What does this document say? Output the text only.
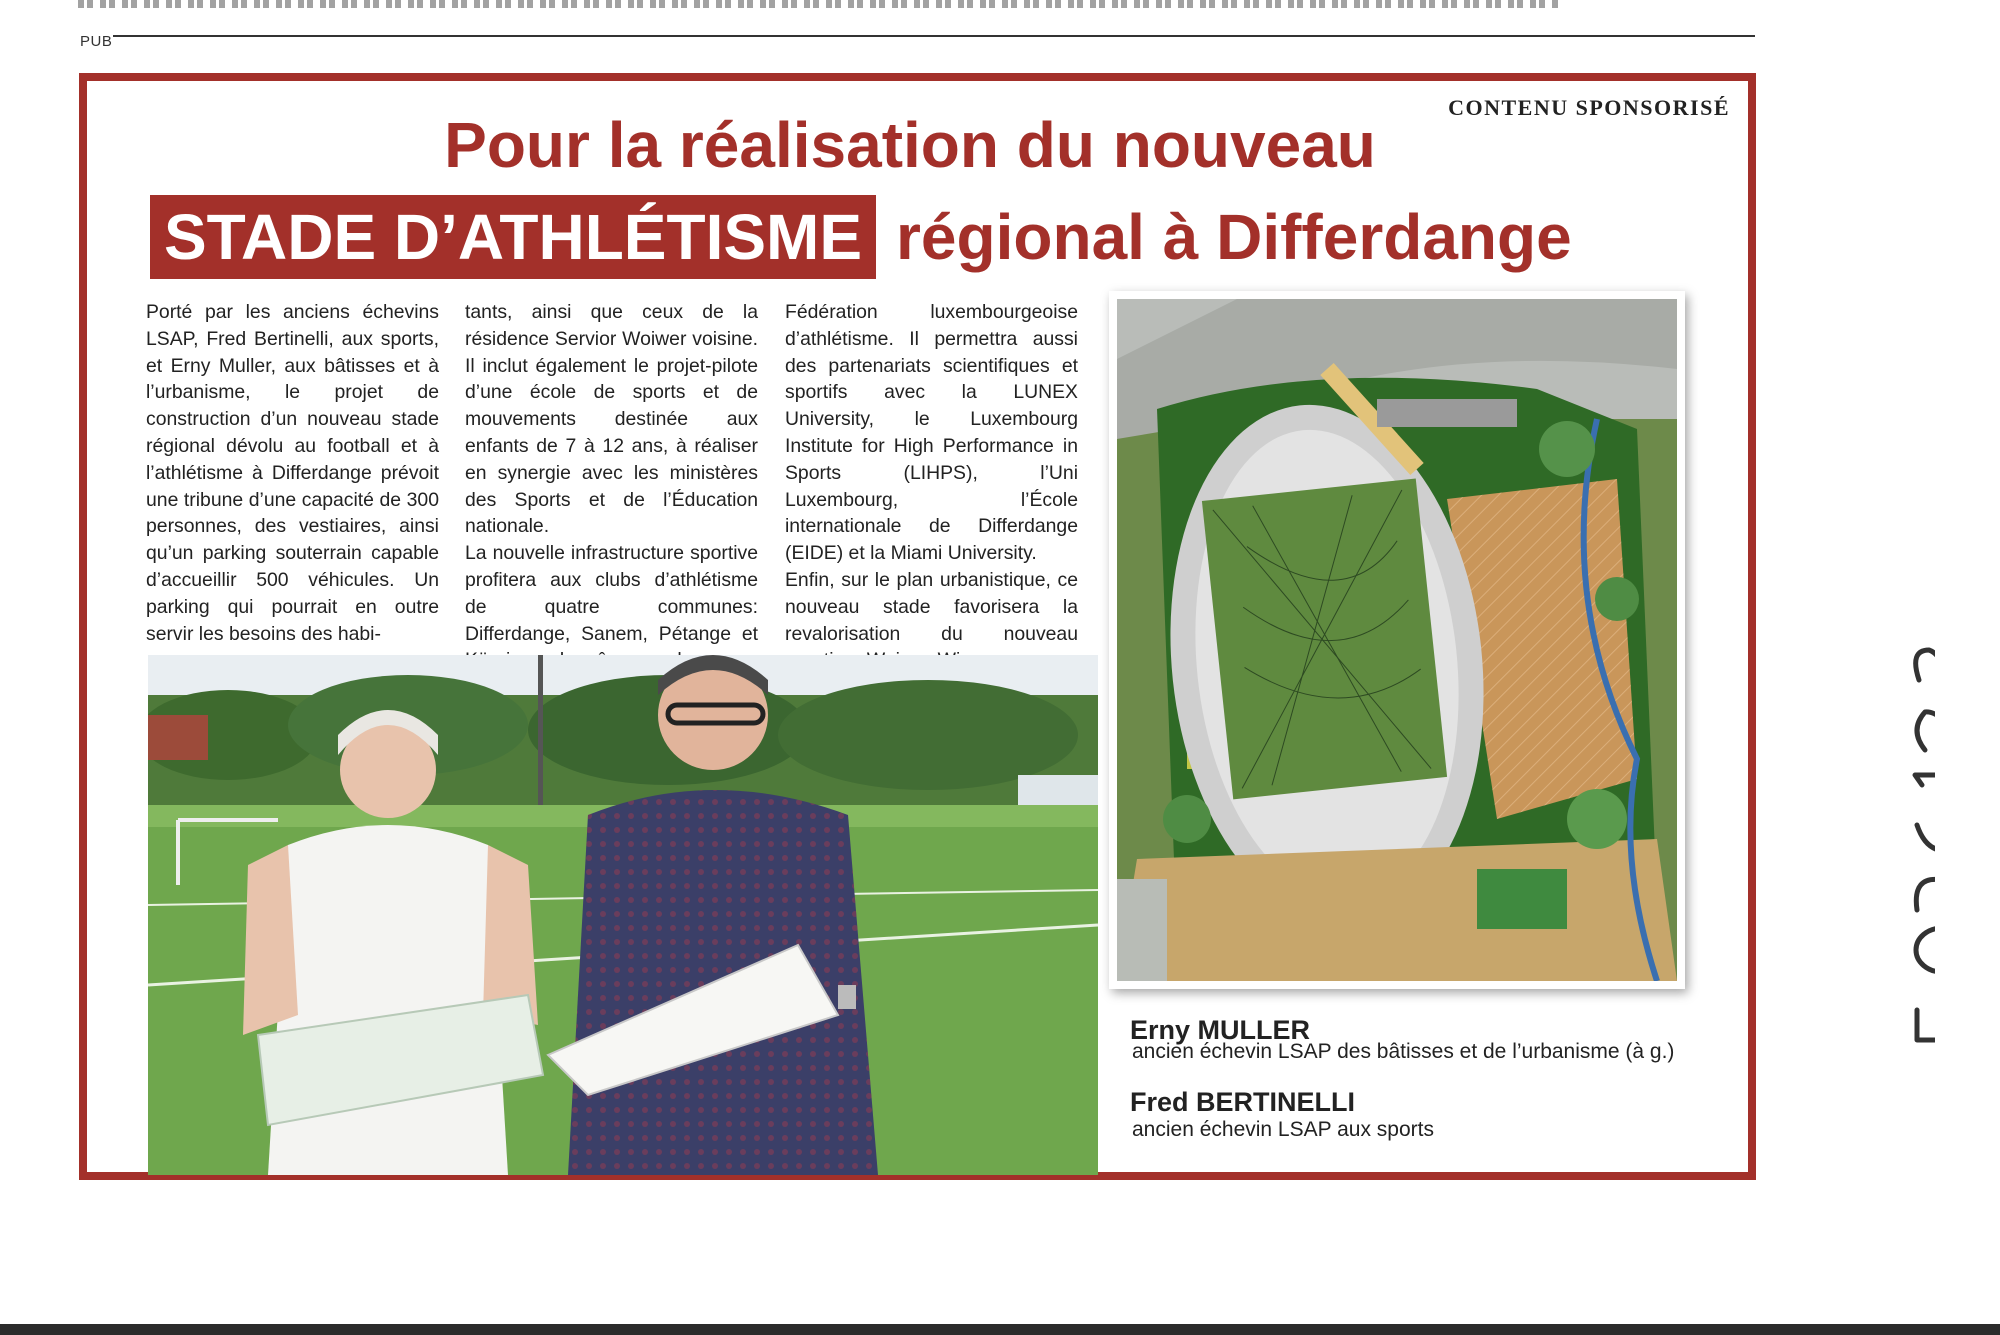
PUB
CONTENU SPONSORISÉ
Pour la réalisation du nouveau
STADE D’ATHLÉTISME régional à Differdange

Porté par les anciens échevins LSAP, Fred Bertinelli, aux sports, et Erny Muller, aux bâtisses et à l’urbanisme, le projet de construction d’un nouveau stade régional dévolu au football et à l’athlétisme à Differdange prévoit une tribune d’une capacité de 300 personnes, des vestiaires, ainsi qu’un parking souterrain capable d’accueillir 500 véhicules. Un parking qui pourrait en outre servir les besoins des habi-

tants, ainsi que ceux de la résidence Servior Woiwer voisine. Il inclut également le projet-pilote d’une école de sports et de mouvements destinée aux enfants de 7 à 12 ans, à réaliser en synergie avec les ministères des Sports et de l’Éducation nationale.

La nouvelle infrastructure sportive profitera aux clubs d’athlétisme de quatre communes: Differdange, Sanem, Pétange et

Fédération luxembourgeoise d’athlétisme. Il permettra aussi des partenariats scientifiques et sportifs avec la LUNEX University, le Luxembourg Institute for High Performance in Sports (LIHPS), l’Uni Luxembourg, l’École internationale de Differdange (EIDE) et la Miami University.

Enfin, sur le plan urbanistique, ce nouveau stade favorisera la revalorisation du nouveau

Erny MULLER
ancien échevin LSAP des bâtisses et de l’urbanisme (à g.)
Fred BERTINELLI
ancien échevin LSAP aux sports
